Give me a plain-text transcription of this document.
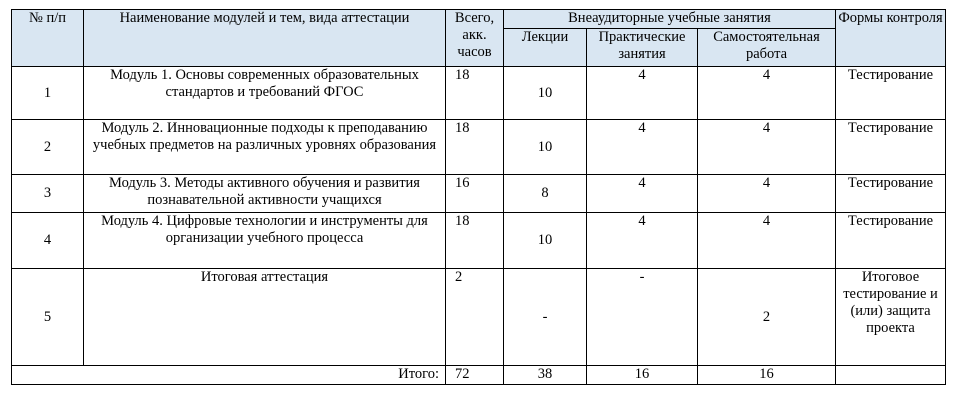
№ п/п	Наименование модулей и тем, вида аттестации	Всего, акк. часов	Внеаудиторные учебные занятия			Формы контроля
			Лекции	Практические занятия	Самостоятельная работа	
1	Модуль 1. Основы современных образовательных стандартов и требований ФГОС	18	10	4	4	Тестирование
2	Модуль 2. Инновационные подходы к преподаванию учебных предметов на различных уровнях образования	18	10	4	4	Тестирование
3	Модуль 3. Методы активного обучения и развития познавательной активности учащихся	16	8	4	4	Тестирование
4	Модуль 4. Цифровые технологии и инструменты для организации учебного процесса	18	10	4	4	Тестирование
5	Итоговая аттестация	2	-	-	2	Итоговое тестирование и (или) защита проекта
Итого:		72	38	16	16	
